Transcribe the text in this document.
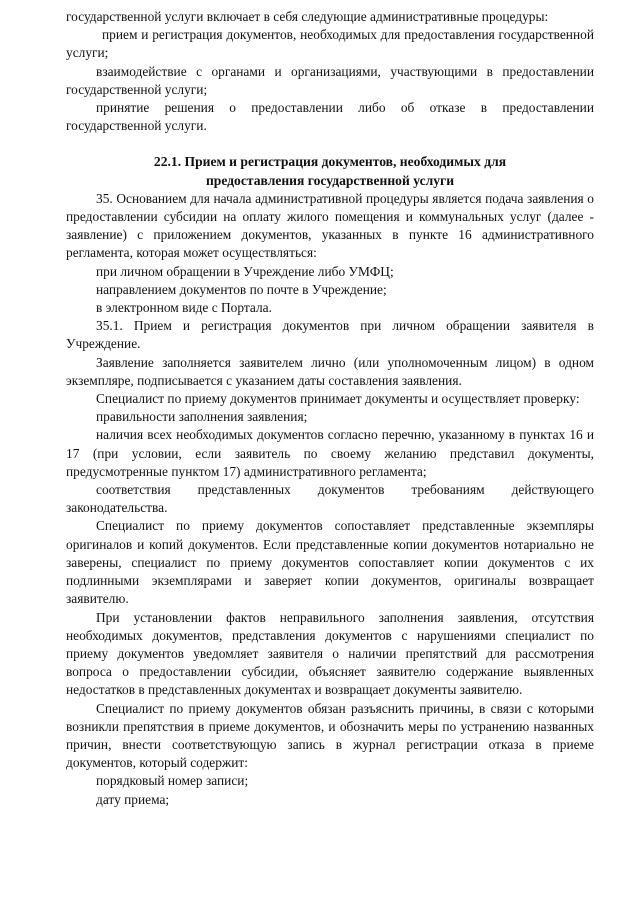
государственной услуги включает в себя следующие административные процедуры:

прием и регистрация документов, необходимых для предоставления государственной услуги;

взаимодействие с органами и организациями, участвующими в предоставлении государственной услуги;

принятие решения о предоставлении либо об отказе в предоставлении государственной услуги.

22.1. Прием и регистрация документов, необходимых для
предоставления государственной услуги

35. Основанием для начала административной процедуры является подача заявления о предоставлении субсидии на оплату жилого помещения и коммунальных услуг (далее - заявление) с приложением документов, указанных в пункте 16 административного регламента, которая может осуществляться:

при личном обращении в Учреждение либо УМФЦ;

направлением документов по почте в Учреждение;

в электронном виде с Портала.

35.1. Прием и регистрация документов при личном обращении заявителя в Учреждение.

Заявление заполняется заявителем лично (или уполномоченным лицом) в одном экземпляре, подписывается с указанием даты составления заявления.

Специалист по приему документов принимает документы и осуществляет проверку:

правильности заполнения заявления;

наличия всех необходимых документов согласно перечню, указанному в пунктах 16 и 17 (при условии, если заявитель по своему желанию представил документы, предусмотренные пунктом 17) административного регламента;

соответствия представленных документов требованиям действующего законодательства.

Специалист по приему документов сопоставляет представленные экземпляры оригиналов и копий документов. Если представленные копии документов нотариально не заверены, специалист по приему документов сопоставляет копии документов с их подлинными экземплярами и заверяет копии документов, оригиналы возвращает заявителю.

При установлении фактов неправильного заполнения заявления, отсутствия необходимых документов, представления документов с нарушениями специалист по приему документов уведомляет заявителя о наличии препятствий для рассмотрения вопроса о предоставлении субсидии, объясняет заявителю содержание выявленных недостатков в представленных документах и возвращает документы заявителю.

Специалист по приему документов обязан разъяснить причины, в связи с которыми возникли препятствия в приеме документов, и обозначить меры по устранению названных причин, внести соответствующую запись в журнал регистрации отказа в приеме документов, который содержит:

порядковый номер записи;

дату приема;
